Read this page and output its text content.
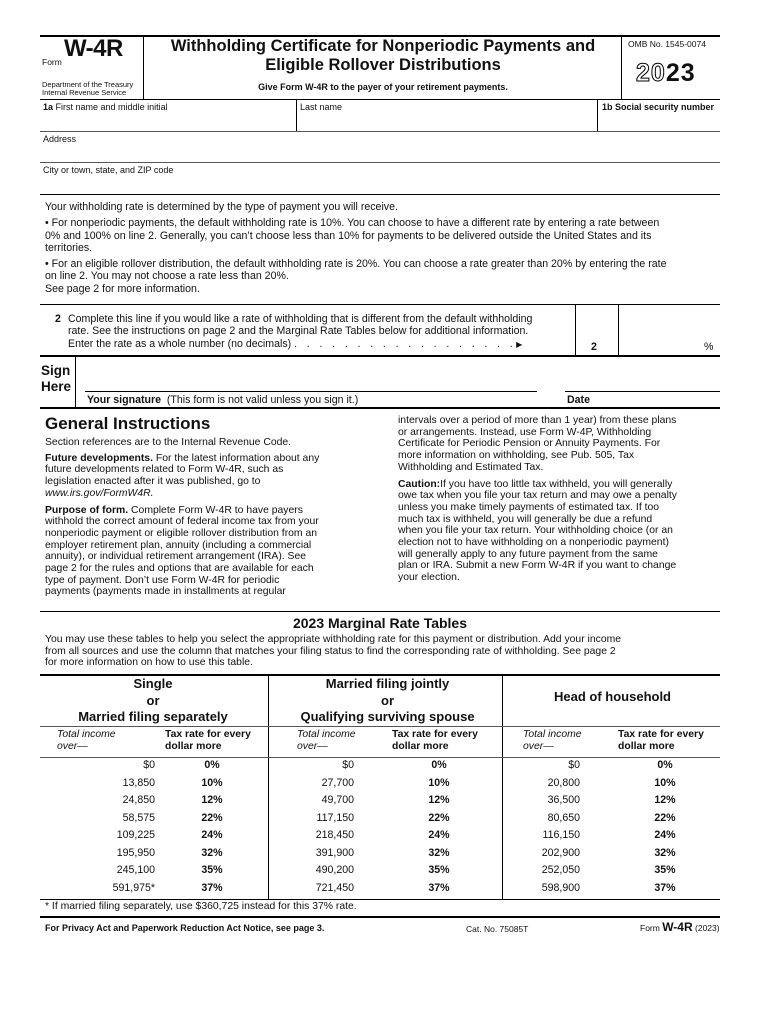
Form W-4R
Department of the Treasury
Internal Revenue Service
Withholding Certificate for Nonperiodic Payments and
Eligible Rollover Distributions
Give Form W-4R to the payer of your retirement payments.
OMB No. 1545-0074
2023
1a First name and middle initial	Last name	1b Social security number
Address
City or town, state, and ZIP code
Your withholding rate is determined by the type of payment you will receive.
• For nonperiodic payments, the default withholding rate is 10%. You can choose to have a different rate by entering a rate between
0% and 100% on line 2. Generally, you can’t choose less than 10% for payments to be delivered outside the United States and its
territories.
• For an eligible rollover distribution, the default withholding rate is 20%. You can choose a rate greater than 20% by entering the rate
on line 2. You may not choose a rate less than 20%.
See page 2 for more information.
2 Complete this line if you would like a rate of withholding that is different from the default withholding
rate. See the instructions on page 2 and the Marginal Rate Tables below for additional information.
Enter the rate as a whole number (no decimals) . . . . . . . . . . . . . . . . . .▶	2	%
Sign
Here
Your signature (This form is not valid unless you sign it.)	Date
General Instructions
Section references are to the Internal Revenue Code.
Future developments. For the latest information about any
future developments related to Form W-4R, such as
legislation enacted after it was published, go to
www.irs.gov/FormW4R.
Purpose of form. Complete Form W-4R to have payers
withhold the correct amount of federal income tax from your
nonperiodic payment or eligible rollover distribution from an
employer retirement plan, annuity (including a commercial
annuity), or individual retirement arrangement (IRA). See
page 2 for the rules and options that are available for each
type of payment. Don’t use Form W-4R for periodic
payments (payments made in installments at regular
intervals over a period of more than 1 year) from these plans
or arrangements. Instead, use Form W-4P, Withholding
Certificate for Periodic Pension or Annuity Payments. For
more information on withholding, see Pub. 505, Tax
Withholding and Estimated Tax.
Caution:If you have too little tax withheld, you will generally
owe tax when you file your tax return and may owe a penalty
unless you make timely payments of estimated tax. If too
much tax is withheld, you will generally be due a refund
when you file your tax return. Your withholding choice (or an
election not to have withholding on a nonperiodic payment)
will generally apply to any future payment from the same
plan or IRA. Submit a new Form W-4R if you want to change
your election.
2023 Marginal Rate Tables
You may use these tables to help you select the appropriate withholding rate for this payment or distribution. Add your income
from all sources and use the column that matches your filing status to find the corresponding rate of withholding. See page 2
for more information on how to use this table.
Single
or
Married filing separately
Married filing jointly
or
Qualifying surviving spouse
Head of household
Total income
over—
Tax rate for every
dollar more
Total income
over—
Tax rate for every
dollar more
Total income
over—
Tax rate for every
dollar more
$0	0%	$0	0%	$0	0%
13,850	10%	27,700	10%	20,800	10%
24,850	12%	49,700	12%	36,500	12%
58,575	22%	117,150	22%	80,650	22%
109,225	24%	218,450	24%	116,150	24%
195,950	32%	391,900	32%	202,900	32%
245,100	35%	490,200	35%	252,050	35%
591,975*	37%	721,450	37%	598,900	37%
* If married filing separately, use $360,725 instead for this 37% rate.
For Privacy Act and Paperwork Reduction Act Notice, see page 3.	Cat. No. 75085T	Form W-4R (2023)
